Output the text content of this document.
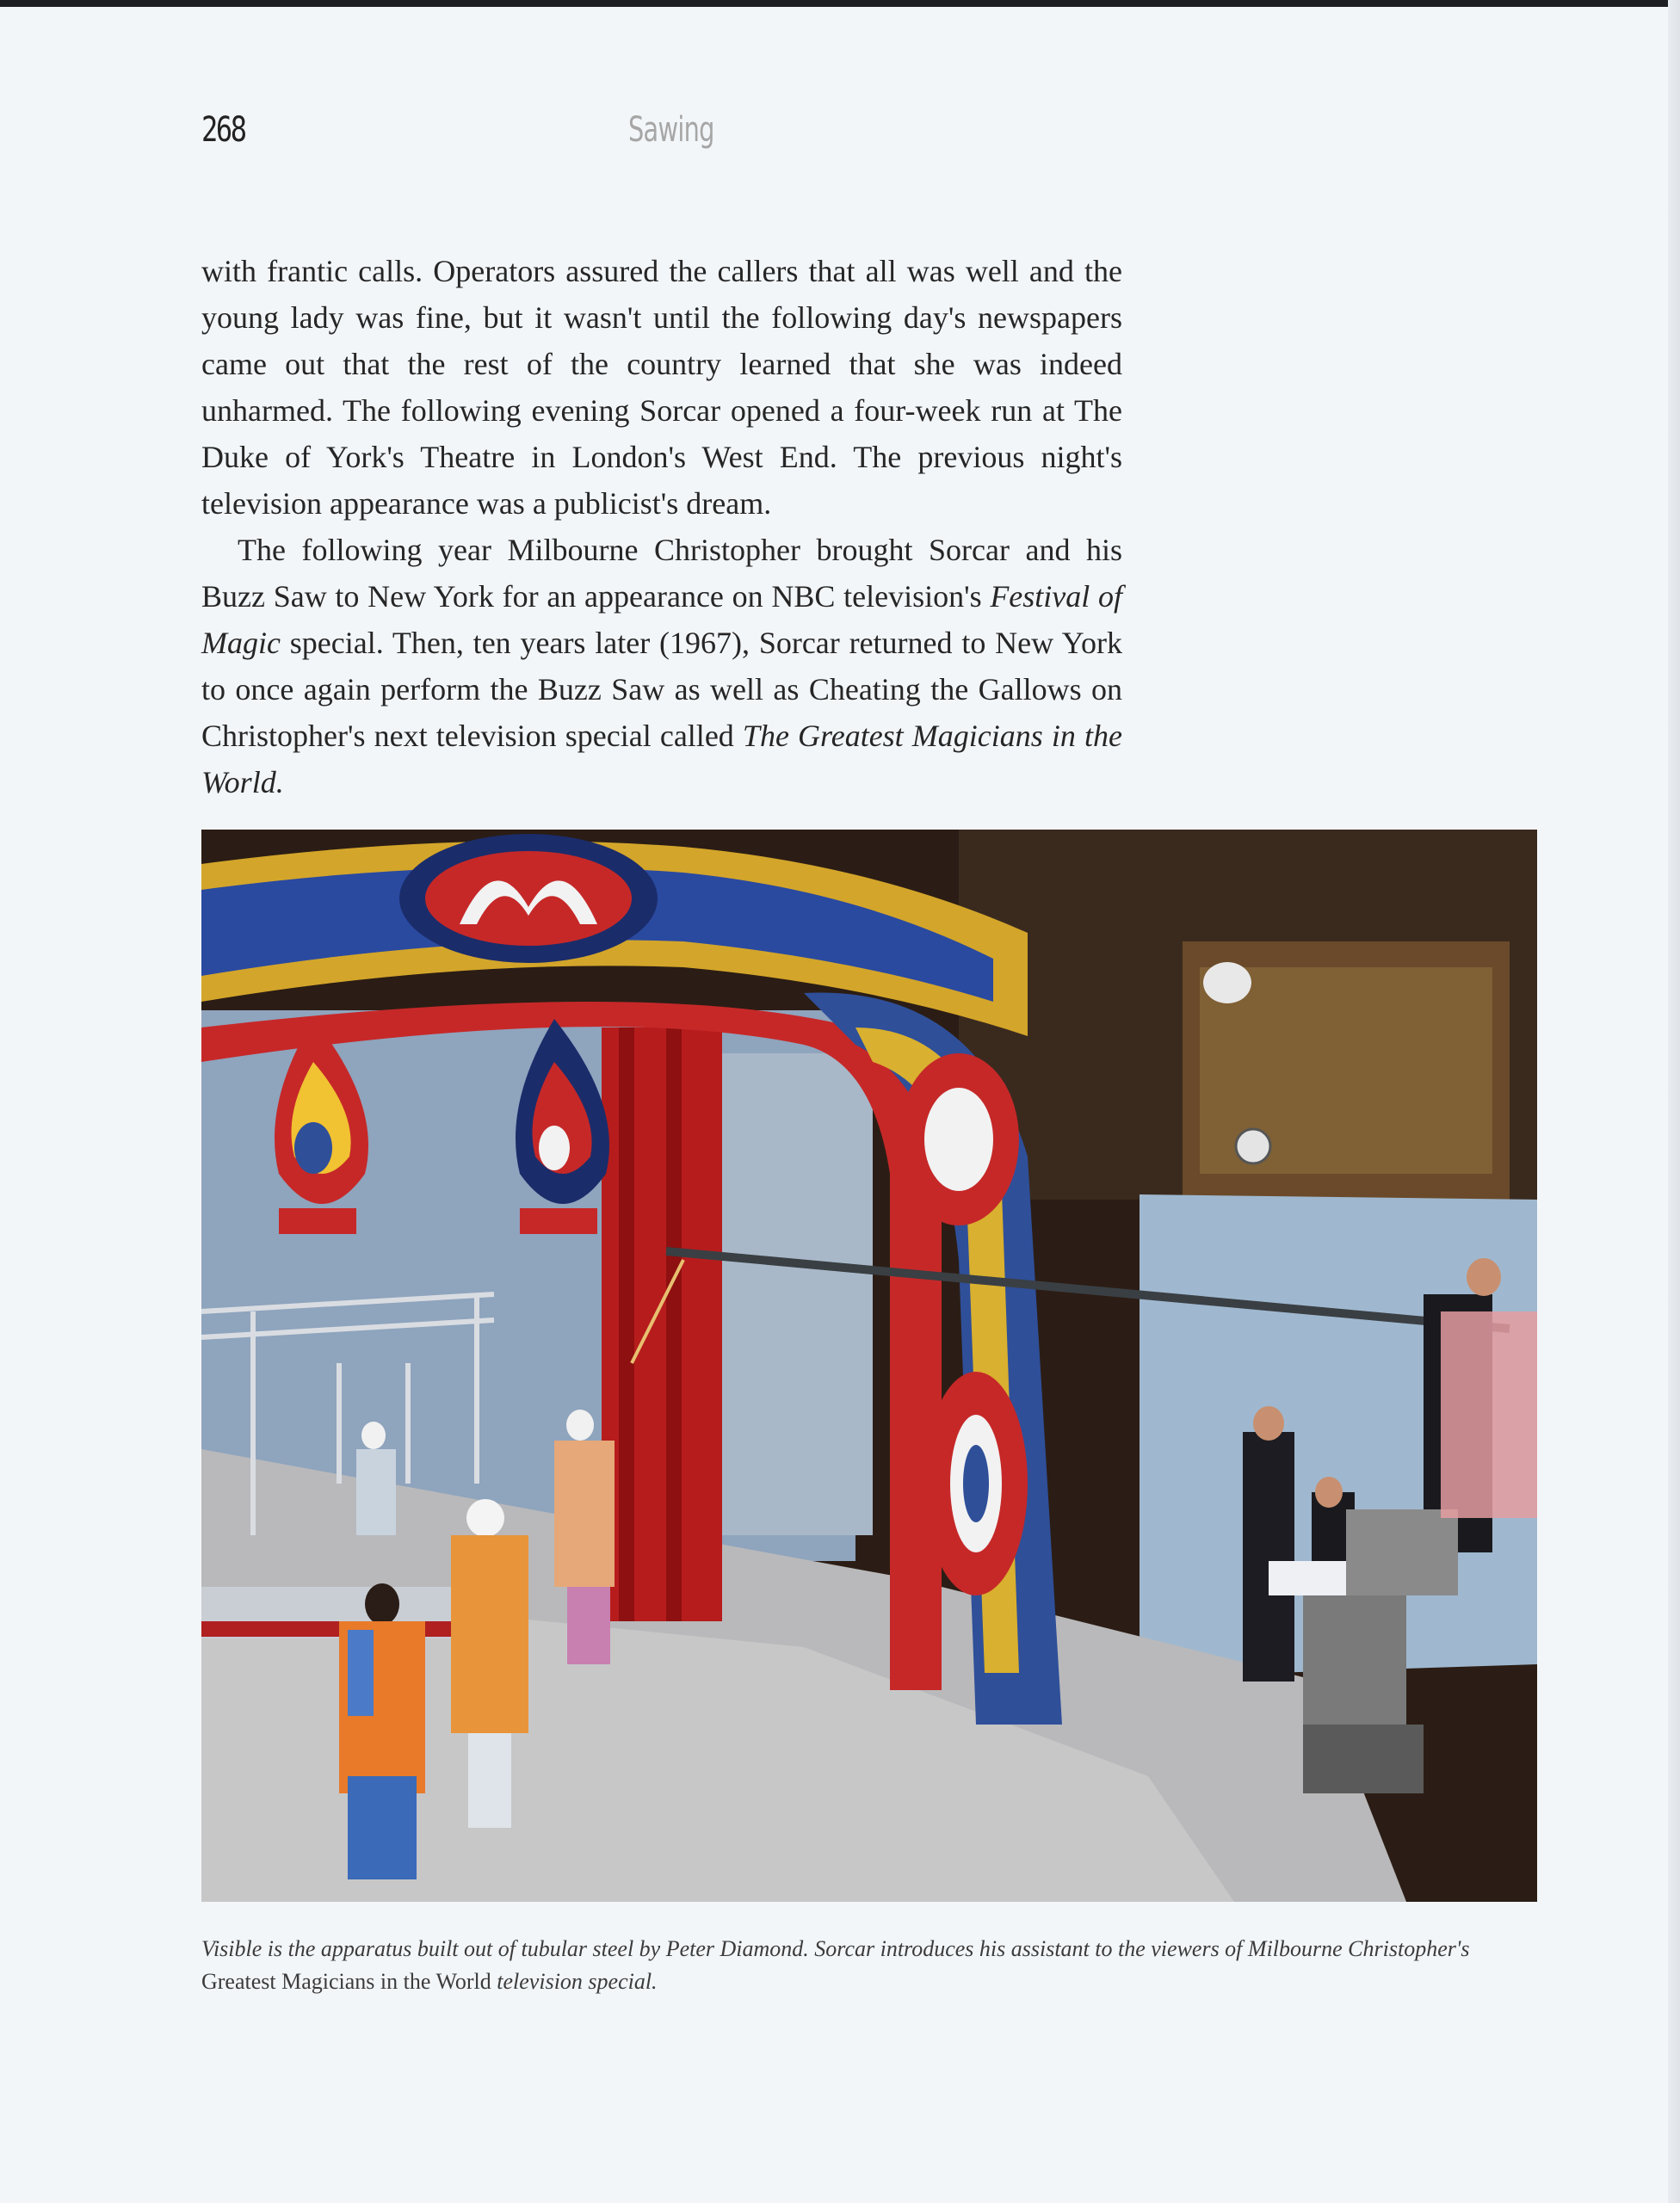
268	Sawing

with frantic calls. Operators assured the callers that all was well and the young lady was fine, but it wasn't until the following day's newspapers came out that the rest of the country learned that she was indeed unharmed. The following evening Sorcar opened a four-week run at The Duke of York's Theatre in London's West End. The previous night's television appearance was a publicist's dream.

The following year Milbourne Christopher brought Sorcar and his Buzz Saw to New York for an appearance on NBC television's Festival of Magic special. Then, ten years later (1967), Sorcar returned to New York to once again perform the Buzz Saw as well as Cheating the Gallows on Christopher's next television special called The Greatest Magicians in the World.

Visible is the apparatus built out of tubular steel by Peter Diamond. Sorcar introduces his assistant to the viewers of Milbourne Christopher's
Greatest Magicians in the World television special.
